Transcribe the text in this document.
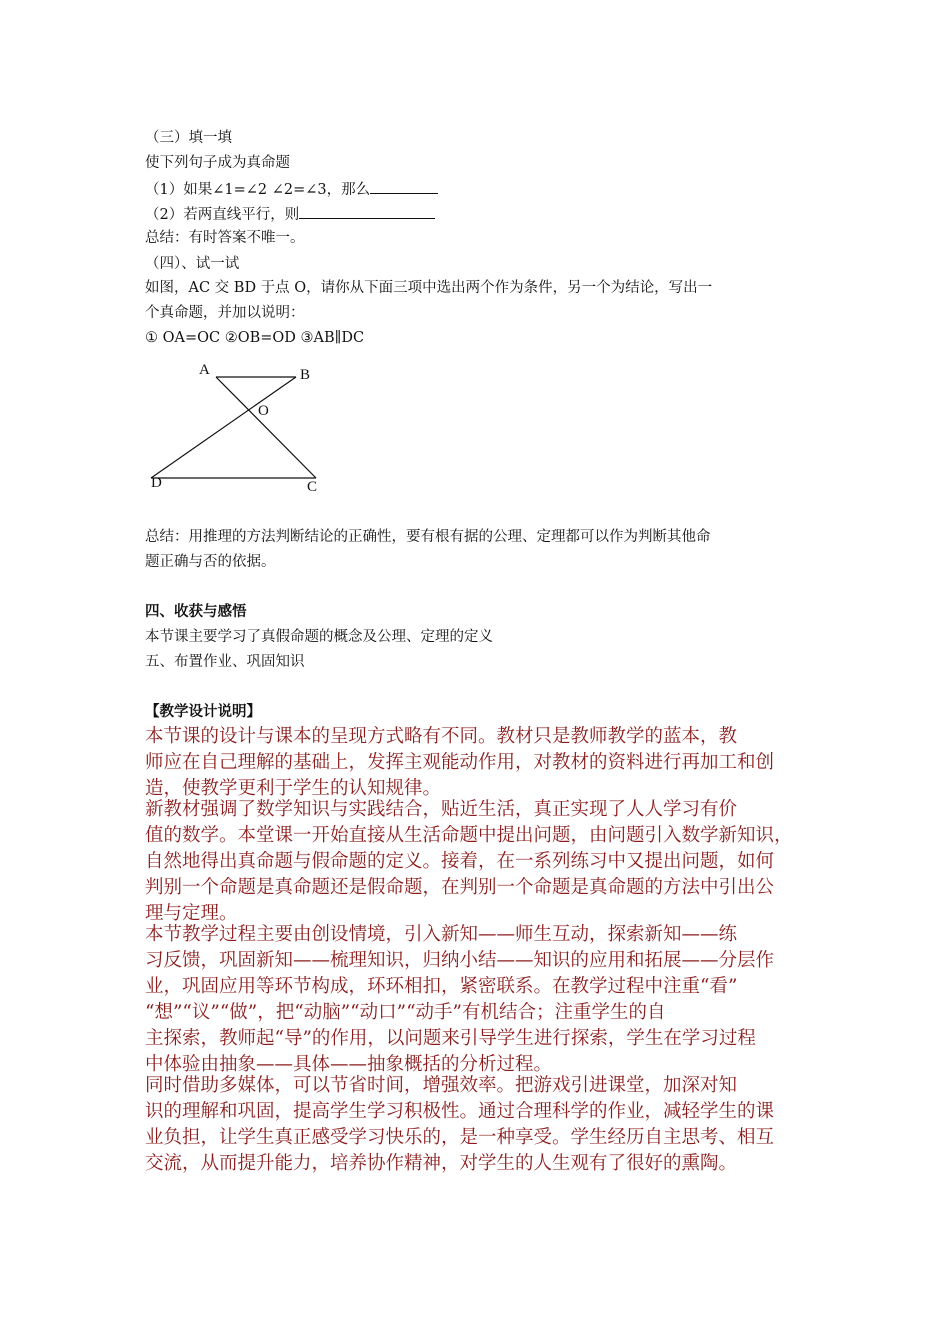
（三）填一填
使下列句子成为真命题
（1）如果∠1=∠2 ∠2=∠3，那么
（2）若两直线平行，则
总结：有时答案不唯一。
（四）、试一试
如图，AC 交 BD 于点 O，请你从下面三项中选出两个作为条件，另一个为结论，写出一
个真命题，并加以说明：
① OA=OC ②OB=OD ③AB∥DC
A	B
O
D	C
总结：用推理的方法判断结论的正确性，要有根有据的公理、定理都可以作为判断其他命
题正确与否的依据。
四、收获与感悟
本节课主要学习了真假命题的概念及公理、定理的定义
五、布置作业、巩固知识
【教学设计说明】
本节课的设计与课本的呈现方式略有不同。教材只是教师教学的蓝本，教
师应在自己理解的基础上，发挥主观能动作用，对教材的资料进行再加工和创
造，使教学更利于学生的认知规律。
新教材强调了数学知识与实践结合，贴近生活，真正实现了人人学习有价
值的数学。本堂课一开始直接从生活命题中提出问题，由问题引入数学新知识，
自然地得出真命题与假命题的定义。接着，在一系列练习中又提出问题，如何
判别一个命题是真命题还是假命题，在判别一个命题是真命题的方法中引出公
理与定理。
本节教学过程主要由创设情境，引入新知——师生互动，探索新知——练
习反馈，巩固新知——梳理知识，归纳小结——知识的应用和拓展——分层作
业，巩固应用等环节构成，环环相扣，紧密联系。在教学过程中注重“看”
“想”“议”“做”，把“动脑”“动口”“动手”有机结合；注重学生的自
主探索，教师起“导”的作用，以问题来引导学生进行探索，学生在学习过程
中体验由抽象——具体——抽象概括的分析过程。
同时借助多媒体，可以节省时间，增强效率。把游戏引进课堂，加深对知
识的理解和巩固，提高学生学习积极性。通过合理科学的作业，减轻学生的课
业负担，让学生真正感受学习快乐的，是一种享受。学生经历自主思考、相互
交流，从而提升能力，培养协作精神，对学生的人生观有了很好的熏陶。
